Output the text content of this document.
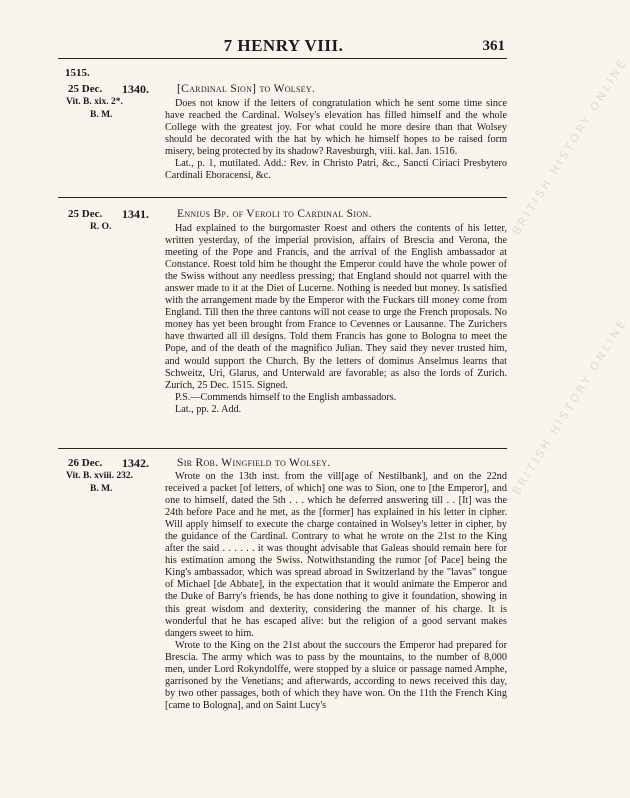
7 HENRY VIII.	361
1515.	BRITISH HISTORY ONLINE
BRITISH HISTORY ONLINE
25 Dec. 1340.
Vit. B. xix. 2*.
B. M.
[Cardinal Sion] to Wolsey.

Does not know if the letters of congratulation which he sent some time since have reached the Cardinal. Wolsey's elevation has filled himself and the whole College with the greatest joy. For what could he more desire than that Wolsey should be decorated with the hat by which he himself hopes to be raised form misery, being protected by its shadow? Ravesburgh, viii. kal. Jan. 1516.

Lat., p. 1, mutilated. Add.: Rev. in Christo Patri, &c., Sancti Ciriaci Presbytero Cardinali Eboracensi, &c.

25 Dec. 1341.
R. O.
Ennius Bp. of Veroli to Cardinal Sion.

Had explained to the burgomaster Roest and others the contents of his letter, written yesterday, of the imperial provision, affairs of Brescia and Verona, the meeting of the Pope and Francis, and the arrival of the English ambassador at Constance. Roest told him he thought the Emperor could have the whole power of the Swiss without any needless pressing; that England should not quarrel with the answer made to it at the Diet of Lucerne. Nothing is needed but money. Is satisfied with the arrangement made by the Emperor with the Fuckars till money come from England. Till then the three cantons will not cease to urge the French proposals. No money has yet been brought from France to Cevennes or Lausanne. The Zurichers have thwarted all ill designs. Told them Francis has gone to Bologna to meet the Pope, and of the death of the magnifico Julian. They said they never trusted him, and would support the Church. By the letters of dominus Anselmus learns that Schweitz, Uri, Glarus, and Unterwald are favorable; as also the lords of Zurich. Zurich, 25 Dec. 1515. Signed.

P.S.—Commends himself to the English ambassadors.

Lat., pp. 2. Add.

26 Dec. 1342.
Vit. B. xviii. 232.
B. M.
Sir Rob. Wingfield to Wolsey.

Wrote on the 13th inst. from the vill[age of Nestilbank], and on the 22nd received a packet [of letters, of which] one was to Sion, one to [the Emperor], and one to himself, dated the 5th . . . which he deferred answering till . . [It] was the 24th before Pace and he met, as the [former] has explained in his letter in cipher. Will apply himself to execute the charge contained in Wolsey's letter in cipher, by the guidance of the Cardinal. Contrary to what he wrote on the 21st to the King after the said . . . . . . it was thought advisable that Galeas should remain here for his estimation among the Swiss. Notwithstanding the rumor [of Pace] being the King's ambassador, which was spread abroad in Switzerland by the "lavas" tongue of Michael [de Abbate], in the expectation that it would animate the Emperor and the Duke of Barry's friends, he has done nothing to give it foundation, showing in this great wisdom and dexterity, considering the manner of his charge. It is wonderful that he has escaped alive: but the religion of a good servant makes dangers sweet to him.

Wrote to the King on the 21st about the succours the Emperor had prepared for Brescia. The army which was to pass by the mountains, to the number of 8,000 men, under Lord Rokyndolffe, were stopped by a sluice or passage named Amphe, garrisoned by the Venetians; and afterwards, according to news received this day, by two other passages, both of which they have won. On the 11th the French King [came to Bologna], and on Saint Lucy's
